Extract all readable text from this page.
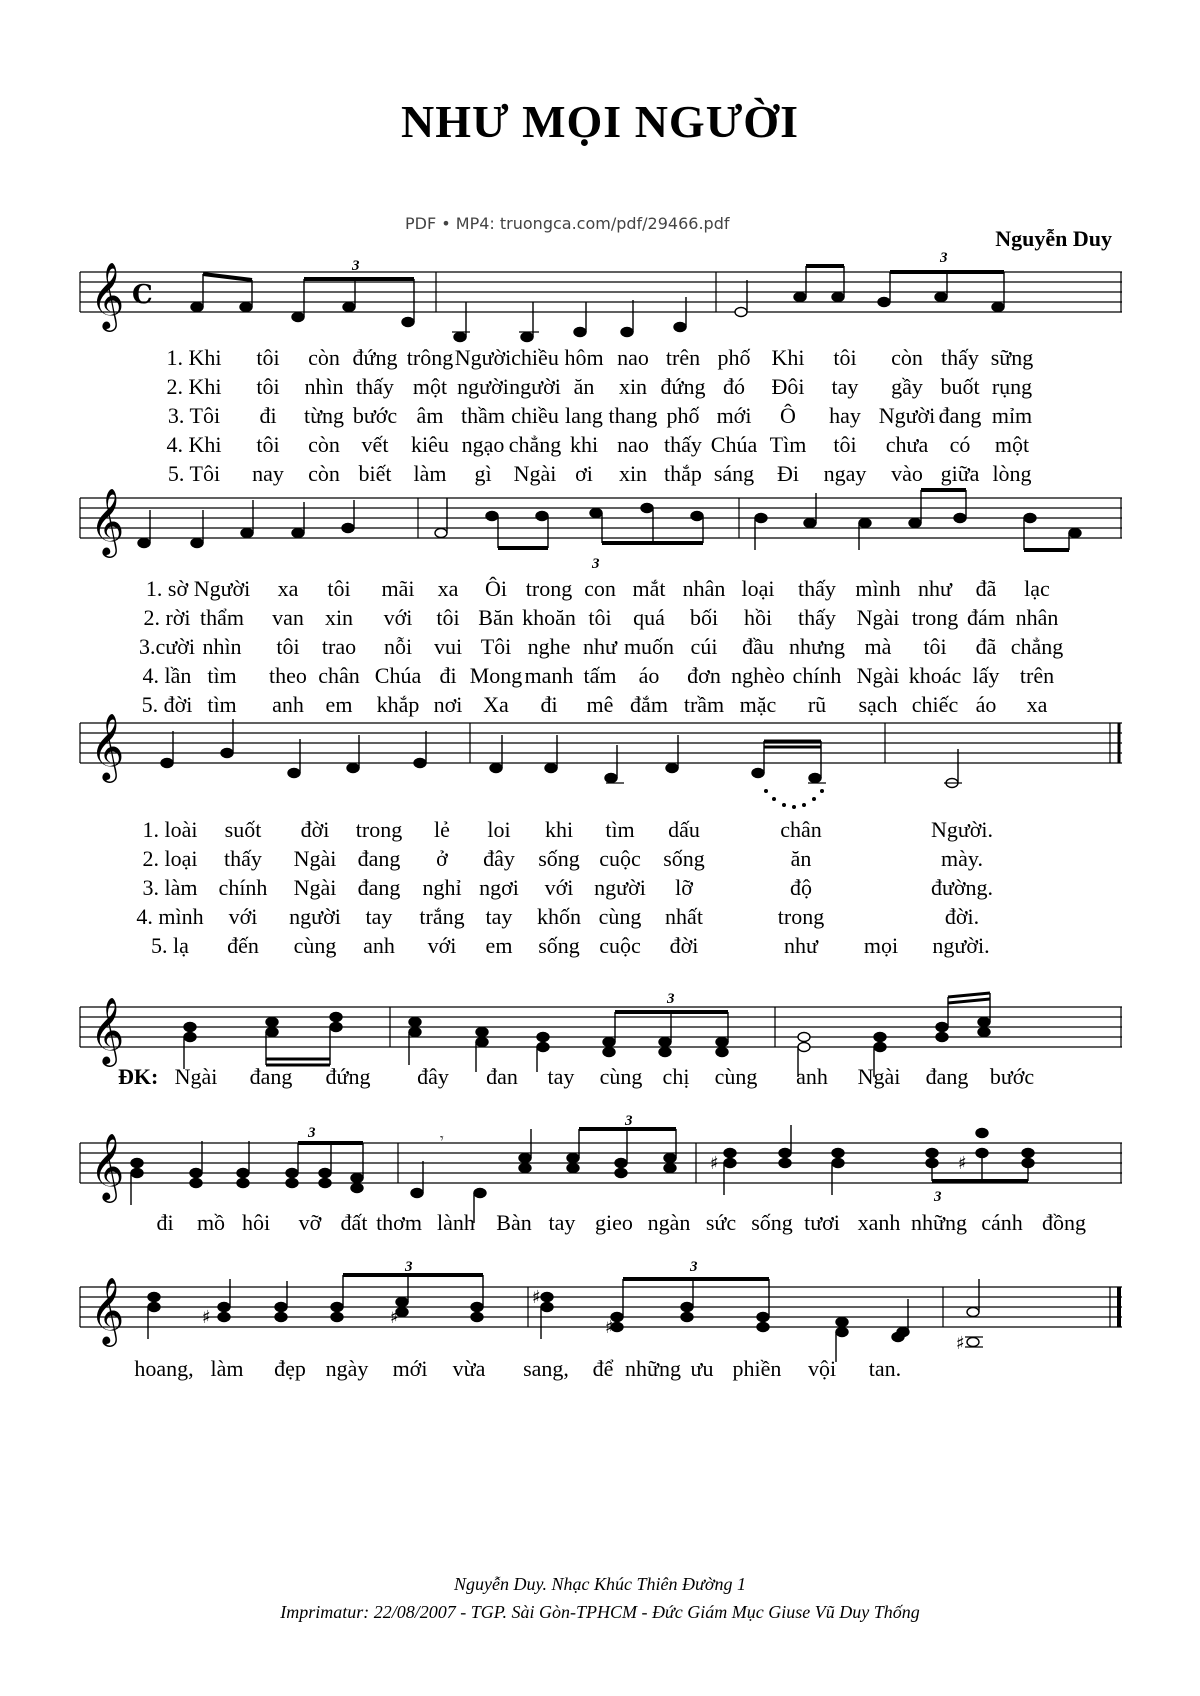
NHƯ MỌI NGƯỜI
PDF • MP4: truongca.com/pdf/29466.pdf
Nguyễn Duy
𝄞 C
3	3
𝄞
3
𝄞
𝄞	3
ĐK:
𝄞	♯	♯
𝄾
3
3
3
𝄞	♯	♯
♯
♯
♯
3	3
1. Khi tôi còn đứng trông Người chiều hôm nao trên phố Khi tôi còn thấy sững
2. Khi tôi nhìn thấy một người người ăn xin đứng đó Đôi tay gầy buốt rụng
3. Tôi đi từng bước âm thầm chiều lang thang phố mới Ô hay Người đang mỉm
4. Khi tôi còn vết kiêu ngạo chẳng khi nao thấy Chúa Tìm tôi chưa có một
5. Tôi nay còn biết làm gì Ngài ơi xin thắp sáng Đi ngay vào giữa lòng
1. sờ Người xa tôi mãi xa Ôi trong con mắt nhân loại thấy mình như đã lạc
2. rời thẩm van xin với tôi Băn khoăn tôi quá bối hồi thấy Ngài trong đám nhân
3.cười nhìn tôi trao nỗi vui Tôi nghe như muốn cúi đầu nhưng mà tôi đã chẳng
4. lần tìm theo chân Chúa đi Mong manh tấm áo đơn nghèo chính Ngài khoác lấy trên
5. đời tìm anh em khắp nơi Xa đi mê đắm trầm mặc rũ sạch chiếc áo xa
1. loài suốt đời trong lẻ loi khi tìm dấu	chân	Người.
2. loại thấy Ngài đang ở đây sống cuộc sống	ăn	mày.
3. làm chính Ngài đang nghỉ ngơi với người lỡ	độ	đường.
4. mình với người tay trắng tay khốn cùng nhất	trong	đời.
5. lạ đến cùng anh với em sống cuộc đời	như mọi người.
Ngài đang đứng đây đan tay cùng chị cùng anh Ngài đang bước
đi mồ hôi vỡ đất thơm lành Bàn tay gieo ngàn sức sống tươi xanh những cánh đồng
hoang, làm đẹp ngày mới vừa sang, để những ưu phiền vội tan.
Nguyễn Duy. Nhạc Khúc Thiên Đường 1
Imprimatur: 22/08/2007 - TGP. Sài Gòn-TPHCM - Đức Giám Mục Giuse Vũ Duy Thống
